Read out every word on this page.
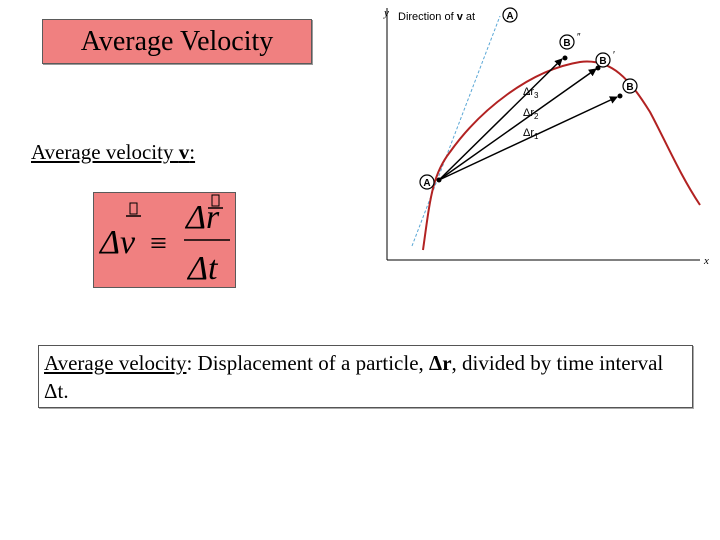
Average Velocity
Average velocity v:
Δv ≡
Δr
Δt
y
x
Direction of v at	A
A
B
″
B
′
B
$\Delta r_3$
$\Delta r_2$
$\Delta r_1$
Average velocity: Displacement of a particle, Δr, divided by time interval Δt.
